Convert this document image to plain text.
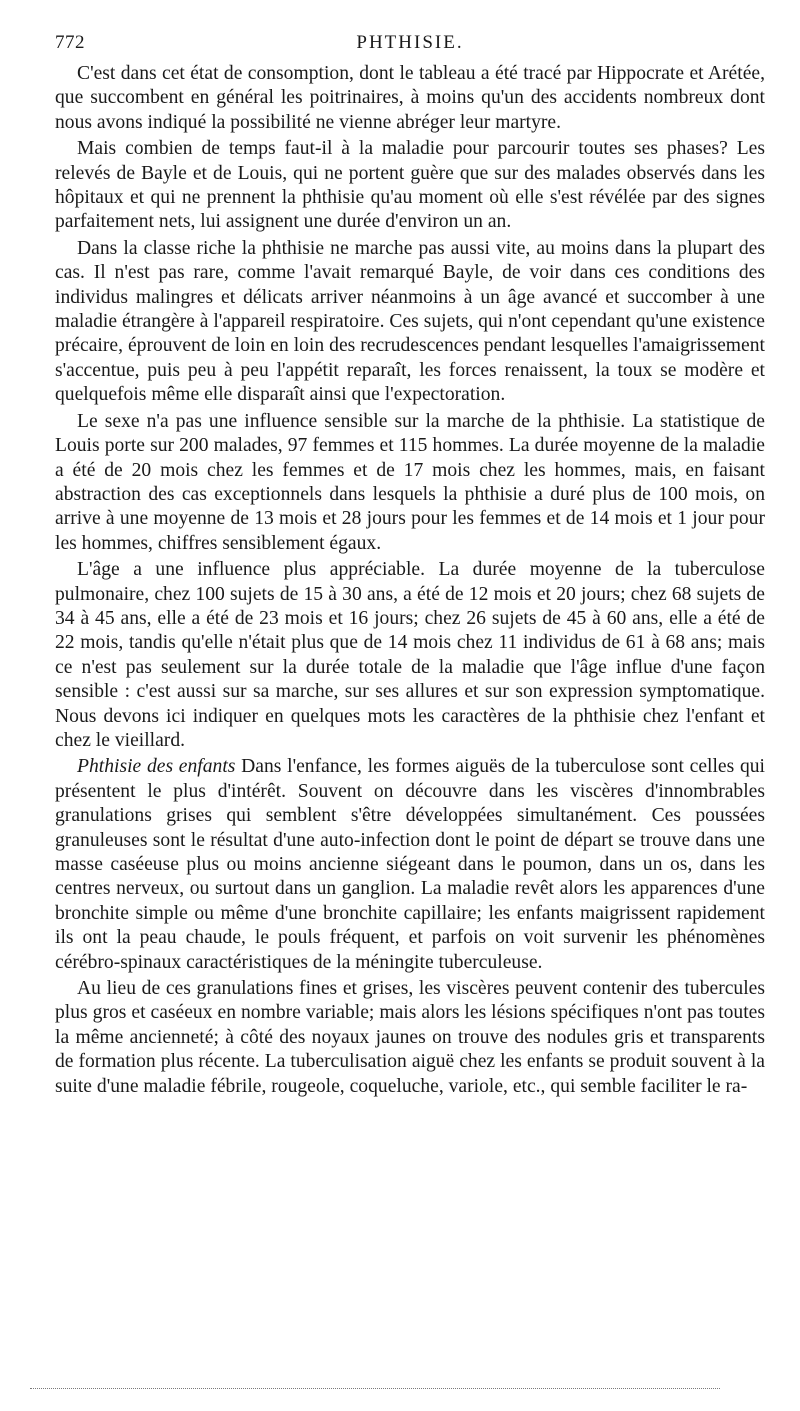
772	PHTHISIE.

C'est dans cet état de consomption, dont le tableau a été tracé par Hippocrate et Arétée, que succombent en général les poitrinaires, à moins qu'un des accidents nombreux dont nous avons indiqué la possibilité ne vienne abréger leur martyre.

Mais combien de temps faut-il à la maladie pour parcourir toutes ses phases? Les relevés de Bayle et de Louis, qui ne portent guère que sur des malades observés dans les hôpitaux et qui ne prennent la phthisie qu'au moment où elle s'est révélée par des signes parfaitement nets, lui assignent une durée d'environ un an.

Dans la classe riche la phthisie ne marche pas aussi vite, au moins dans la plupart des cas. Il n'est pas rare, comme l'avait remarqué Bayle, de voir dans ces conditions des individus malingres et délicats arriver néanmoins à un âge avancé et succomber à une maladie étrangère à l'appareil respiratoire. Ces sujets, qui n'ont cependant qu'une existence précaire, éprouvent de loin en loin des recrudescences pendant lesquelles l'amaigrissement s'accentue, puis peu à peu l'appétit reparaît, les forces renaissent, la toux se modère et quelquefois même elle disparaît ainsi que l'expectoration.

Le sexe n'a pas une influence sensible sur la marche de la phthisie. La statistique de Louis porte sur 200 malades, 97 femmes et 115 hommes. La durée moyenne de la maladie a été de 20 mois chez les femmes et de 17 mois chez les hommes, mais, en faisant abstraction des cas exceptionnels dans lesquels la phthisie a duré plus de 100 mois, on arrive à une moyenne de 13 mois et 28 jours pour les femmes et de 14 mois et 1 jour pour les hommes, chiffres sensiblement égaux.

L'âge a une influence plus appréciable. La durée moyenne de la tuberculose pulmonaire, chez 100 sujets de 15 à 30 ans, a été de 12 mois et 20 jours; chez 68 sujets de 34 à 45 ans, elle a été de 23 mois et 16 jours; chez 26 sujets de 45 à 60 ans, elle a été de 22 mois, tandis qu'elle n'était plus que de 14 mois chez 11 individus de 61 à 68 ans; mais ce n'est pas seulement sur la durée totale de la maladie que l'âge influe d'une façon sensible : c'est aussi sur sa marche, sur ses allures et sur son expression symptomatique. Nous devons ici indiquer en quelques mots les caractères de la phthisie chez l'enfant et chez le vieillard.

Phthisie des enfants Dans l'enfance, les formes aiguës de la tuberculose sont celles qui présentent le plus d'intérêt. Souvent on découvre dans les viscères d'innombrables granulations grises qui semblent s'être développées simultanément. Ces poussées granuleuses sont le résultat d'une auto-infection dont le point de départ se trouve dans une masse caséeuse plus ou moins ancienne siégeant dans le poumon, dans un os, dans les centres nerveux, ou surtout dans un ganglion. La maladie revêt alors les apparences d'une bronchite simple ou même d'une bronchite capillaire; les enfants maigrissent rapidement ils ont la peau chaude, le pouls fréquent, et parfois on voit survenir les phénomènes cérébro-spinaux caractéristiques de la méningite tuberculeuse.

Au lieu de ces granulations fines et grises, les viscères peuvent contenir des tubercules plus gros et caséeux en nombre variable; mais alors les lésions spécifiques n'ont pas toutes la même ancienneté; à côté des noyaux jaunes on trouve des nodules gris et transparents de formation plus récente. La tuberculisation aiguë chez les enfants se produit souvent à la suite d'une maladie fébrile, rougeole, coqueluche, variole, etc., qui semble faciliter le ra-
